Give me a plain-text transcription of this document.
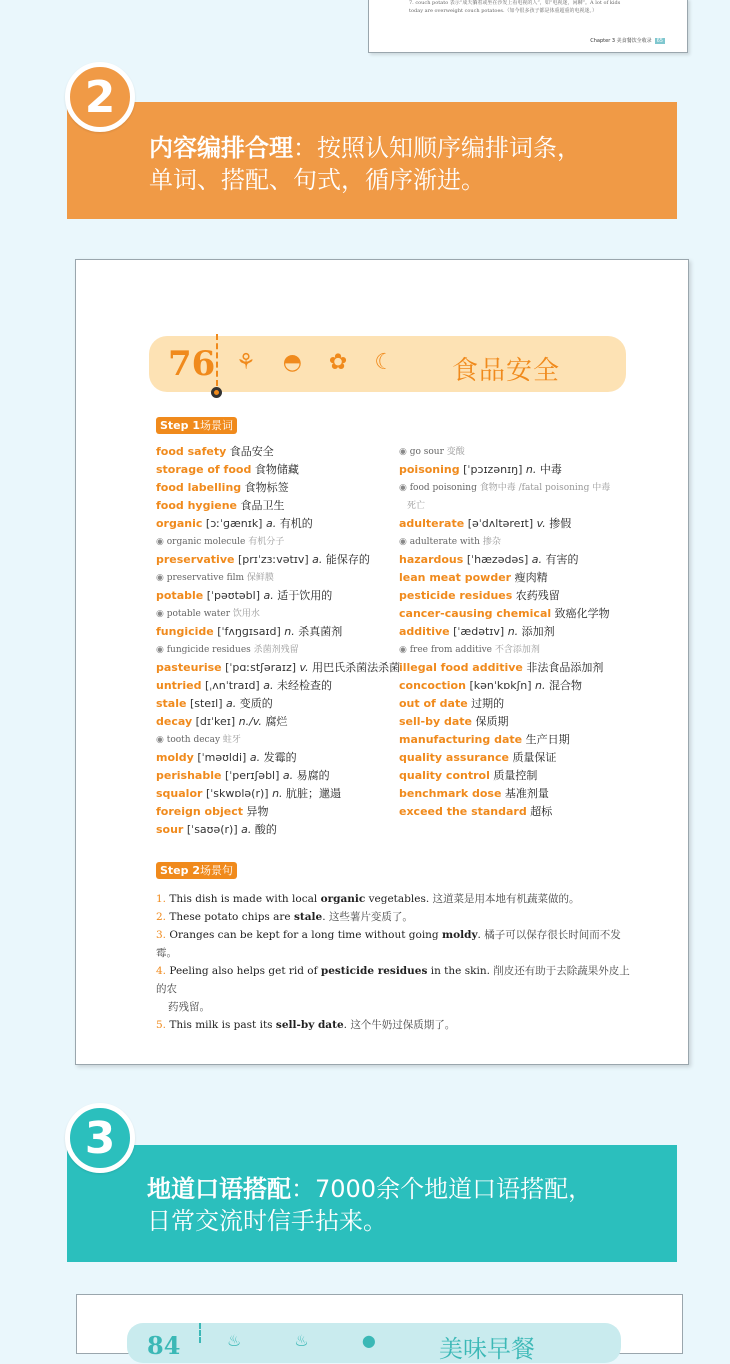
7. couch potato 表示“成天躺着或坐在沙发上看电视的人”，如“电视迷，闲聊”。A lot of kids
today are overweight couch potatoes.（如今很多孩子都是体重超重的电视迷。）
Chapter 3 美食餐饮全收录 65
内容编排合理：按照认知顺序编排词条，
单词、搭配、句式，循序渐进。
2
76 ⚘ ◓ ✿ ☾ 食品安全
Step 1场景词
food safety 食品安全
storage of food 食物储藏
food labelling 食物标签
food hygiene 食品卫生
organic [ɔːˈɡænɪk] a. 有机的
◉ organic molecule 有机分子
preservative [prɪˈzɜːvətɪv] a. 能保存的
◉ preservative film 保鲜膜
potable [ˈpəʊtəbl] a. 适于饮用的
◉ potable water 饮用水
fungicide [ˈfʌŋɡɪsaɪd] n. 杀真菌剂
◉ fungicide residues 杀菌剂残留
pasteurise [ˈpɑːstʃəraɪz] v. 用巴氏杀菌法杀菌
untried [ˌʌnˈtraɪd] a. 未经检查的
stale [steɪl] a. 变质的
decay [dɪˈkeɪ] n./v. 腐烂
◉ tooth decay 蛀牙
moldy [ˈməʊldi] a. 发霉的
perishable [ˈperɪʃəbl] a. 易腐的
squalor [ˈskwɒlə(r)] n. 肮脏；邋遢
foreign object 异物
sour [ˈsaʊə(r)] a. 酸的
◉ go sour 变酸
poisoning [ˈpɔɪzənɪŋ] n. 中毒
◉ food poisoning 食物中毒 /fatal poisoning 中毒
死亡
adulterate [əˈdʌltəreɪt] v. 掺假
◉ adulterate with 掺杂
hazardous [ˈhæzədəs] a. 有害的
lean meat powder 瘦肉精
pesticide residues 农药残留
cancer-causing chemical 致癌化学物
additive [ˈædətɪv] n. 添加剂
◉ free from additive 不含添加剂
illegal food additive 非法食品添加剂
concoction [kənˈkɒkʃn] n. 混合物
out of date 过期的
sell-by date 保质期
manufacturing date 生产日期
quality assurance 质量保证
quality control 质量控制
benchmark dose 基准剂量
exceed the standard 超标
Step 2场景句
1. This dish is made with local organic vegetables. 这道菜是用本地有机蔬菜做的。
2. These potato chips are stale. 这些薯片变质了。
3. Oranges can be kept for a long time without going moldy. 橘子可以保存很长时间而不发霉。
4. Peeling also helps get rid of pesticide residues in the skin. 削皮还有助于去除蔬果外皮上的农
药残留。
5. This milk is past its sell-by date. 这个牛奶过保质期了。
地道口语搭配：7000余个地道口语搭配，
日常交流时信手拈来。
3
84	♨ ♨ ● 美味早餐
